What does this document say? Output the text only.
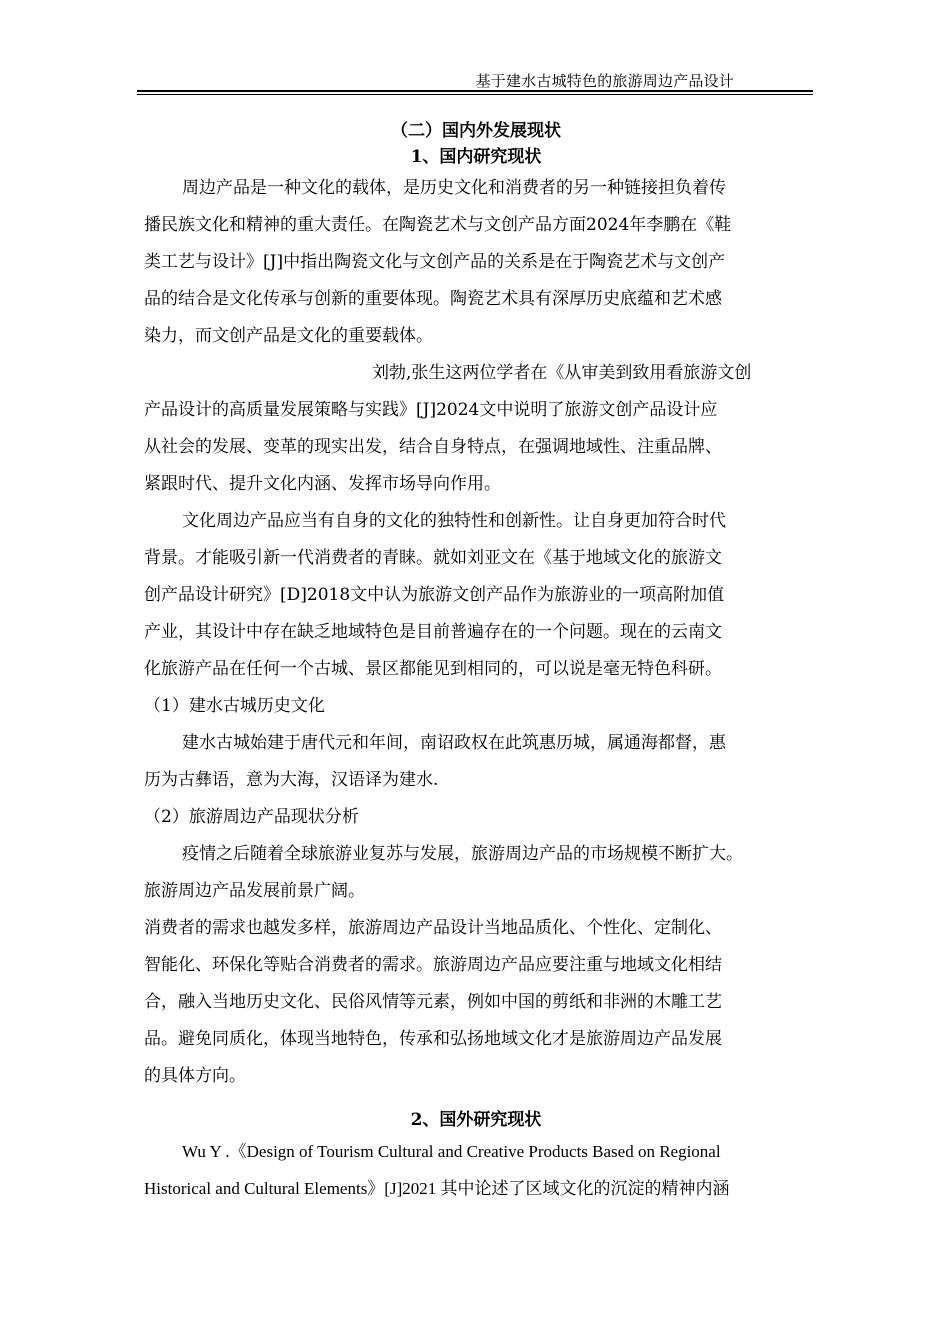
基于建水古城特色的旅游周边产品设计
（二）国内外发展现状
1、国内研究现状
周边产品是一种文化的载体，是历史文化和消费者的另一种链接担负着传
播民族文化和精神的重大责任。在陶瓷艺术与文创产品方面2024年李鹏在《鞋
类工艺与设计》[J]中指出陶瓷文化与文创产品的关系是在于陶瓷艺术与文创产
品的结合是文化传承与创新的重要体现。陶瓷艺术具有深厚历史底蕴和艺术感
染力，而文创产品是文化的重要载体。
刘勃,张生这两位学者在《从审美到致用看旅游文创
产品设计的高质量发展策略与实践》[J]2024文中说明了旅游文创产品设计应
从社会的发展、变革的现实出发，结合自身特点，在强调地域性、注重品牌、
紧跟时代、提升文化内涵、发挥市场导向作用。
文化周边产品应当有自身的文化的独特性和创新性。让自身更加符合时代
背景。才能吸引新一代消费者的青睐。就如刘亚文在《基于地域文化的旅游文
创产品设计研究》[D]2018文中认为旅游文创产品作为旅游业的一项高附加值
产业，其设计中存在缺乏地域特色是目前普遍存在的一个问题。现在的云南文
化旅游产品在任何一个古城、景区都能见到相同的，可以说是毫无特色科研。
（1）建水古城历史文化
建水古城始建于唐代元和年间，南诏政权在此筑惠历城，属通海都督，惠
历为古彝语，意为大海，汉语译为建水.
（2）旅游周边产品现状分析
疫情之后随着全球旅游业复苏与发展，旅游周边产品的市场规模不断扩大。
旅游周边产品发展前景广阔。
消费者的需求也越发多样，旅游周边产品设计当地品质化、个性化、定制化、
智能化、环保化等贴合消费者的需求。旅游周边产品应要注重与地域文化相结
合，融入当地历史文化、民俗风情等元素，例如中国的剪纸和非洲的木雕工艺
品。避免同质化，体现当地特色，传承和弘扬地域文化才是旅游周边产品发展
的具体方向。
2、国外研究现状
Wu Y .《Design of Tourism Cultural and Creative Products Based on Regional
Historical and Cultural Elements》[J]2021 其中论述了区域文化的沉淀的精神内涵
